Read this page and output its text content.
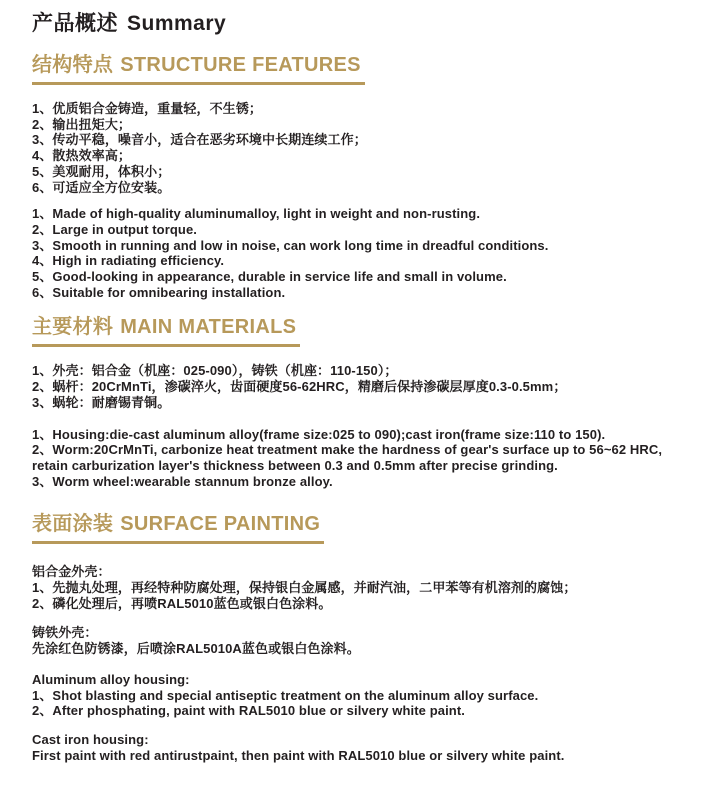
产品概述 Summary
结构特点 STRUCTURE FEATURES
1、优质铝合金铸造，重量轻，不生锈；
2、输出扭矩大；
3、传动平稳，噪音小，适合在恶劣环境中长期连续工作；
4、散热效率高；
5、美观耐用，体积小；
6、可适应全方位安装。
1、Made of high-quality aluminumalloy, light in weight and non-rusting.
2、Large in output torque.
3、Smooth in running and low in noise, can work long time in dreadful conditions.
4、High in radiating efficiency.
5、Good-looking in appearance, durable in service life and small in volume.
6、Suitable for omnibearing installation.
主要材料 MAIN MATERIALS
1、外壳：铝合金（机座：025-090），铸铁（机座：110-150）；
2、蜗杆：20CrMnTi，渗碳淬火，齿面硬度56-62HRC，精磨后保持渗碳层厚度0.3-0.5mm；
3、蜗轮：耐磨锡青铜。
1、Housing:die-cast aluminum alloy(frame size:025 to 090);cast iron(frame size:110 to 150).
2、Worm:20CrMnTi, carbonize heat treatment make the hardness of gear's surface up to 56~62 HRC, retain carburization layer's thickness between 0.3 and 0.5mm after precise grinding.
3、Worm wheel:wearable stannum bronze alloy.
表面涂装 SURFACE PAINTING
铝合金外壳：
1、先抛丸处理，再经特种防腐处理，保持银白金属感，并耐汽油，二甲苯等有机溶剂的腐蚀；
2、磷化处理后，再喷RAL5010蓝色或银白色涂料。
铸铁外壳：
先涂红色防锈漆，后喷涂RAL5010A蓝色或银白色涂料。
Aluminum alloy housing:
1、Shot blasting and special antiseptic treatment on the aluminum alloy surface.
2、After phosphating, paint with RAL5010 blue or silvery white paint.
Cast iron housing:
First paint with red antirustpaint, then paint with RAL5010 blue or silvery white paint.
